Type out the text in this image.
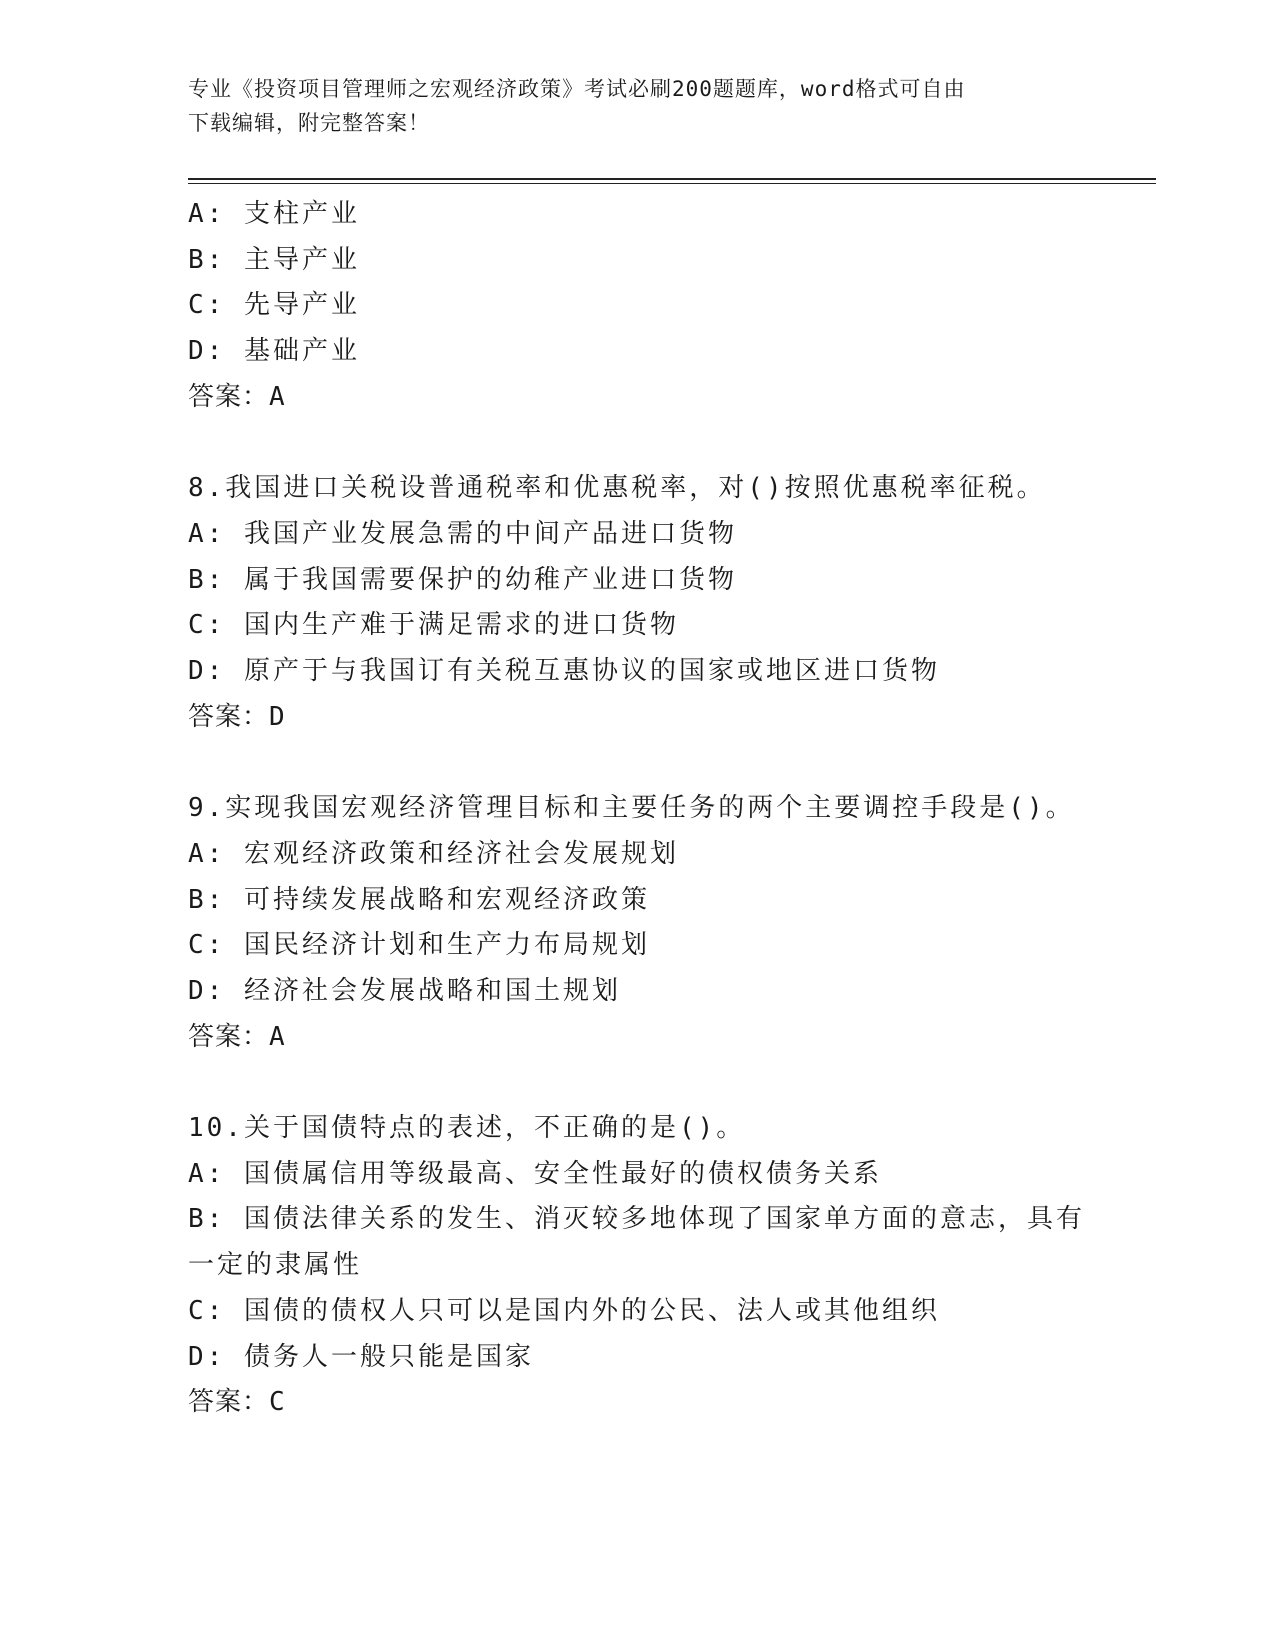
专业《投资项目管理师之宏观经济政策》考试必刷200题题库，word格式可自由

下载编辑，附完整答案！

A: 支柱产业

B: 主导产业

C: 先导产业

D: 基础产业

答案：A

8.我国进口关税设普通税率和优惠税率，对()按照优惠税率征税。

A: 我国产业发展急需的中间产品进口货物

B: 属于我国需要保护的幼稚产业进口货物

C: 国内生产难于满足需求的进口货物

D: 原产于与我国订有关税互惠协议的国家或地区进口货物

答案：D

9.实现我国宏观经济管理目标和主要任务的两个主要调控手段是()。

A: 宏观经济政策和经济社会发展规划

B: 可持续发展战略和宏观经济政策

C: 国民经济计划和生产力布局规划

D: 经济社会发展战略和国土规划

答案：A

10.关于国债特点的表述，不正确的是()。

A: 国债属信用等级最高、安全性最好的债权债务关系

B: 国债法律关系的发生、消灭较多地体现了国家单方面的意志，具有

一定的隶属性

C: 国债的债权人只可以是国内外的公民、法人或其他组织

D: 债务人一般只能是国家

答案：C
